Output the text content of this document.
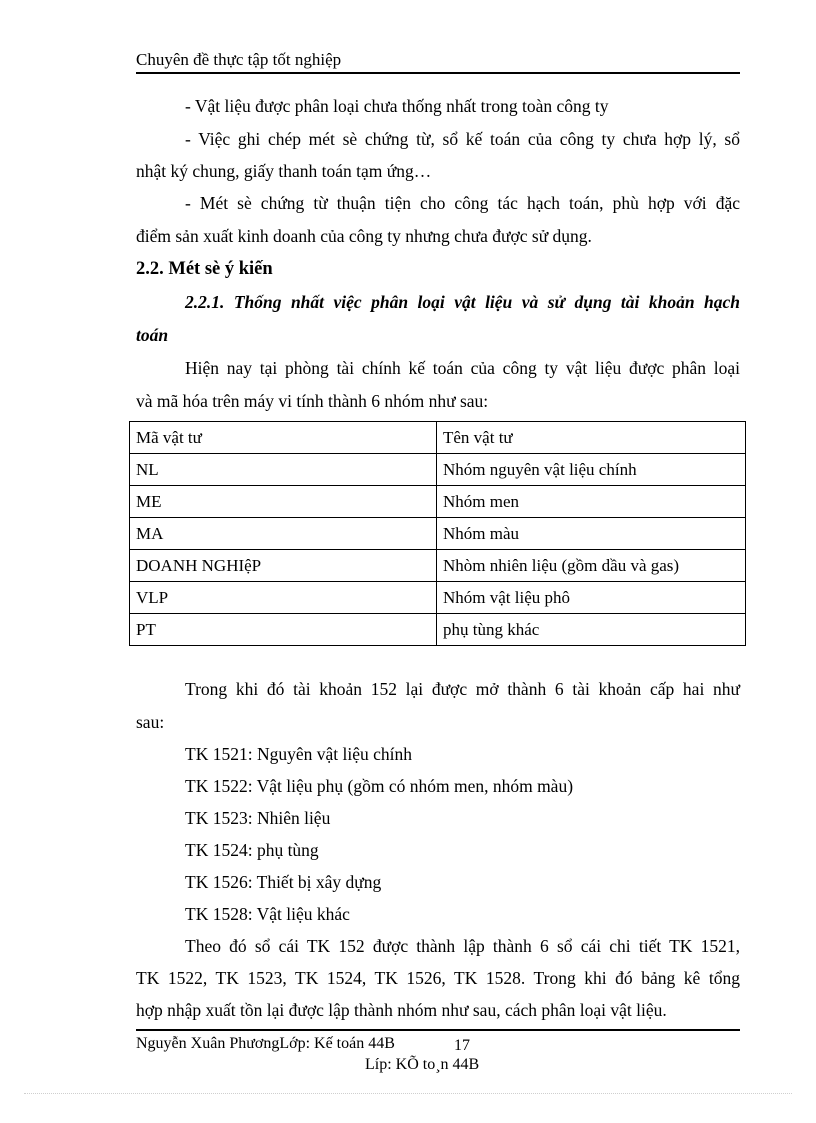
Chuyên đề thực tập tốt nghiệp
- Vật liệu được phân loại chưa thống nhất trong toàn công ty
- Việc ghi chép mét sè chứng từ, sổ kế toán của công ty chưa hợp lý, sổ
nhật ký chung, giấy thanh toán tạm ứng…
- Mét sè chứng từ thuận tiện cho công tác hạch toán, phù hợp với đặc
điểm sản xuất kinh doanh của công ty nhưng chưa được sử dụng.
2.2. Mét sè ý kiến
2.2.1. Thống nhất việc phân loại vật liệu và sử dụng tài khoản hạch
toán
Hiện nay tại phòng tài chính kế toán của công ty vật liệu được phân loại
và mã hóa trên máy vi tính thành 6 nhóm như sau:
Mã vật tư	Tên vật tư
NL	Nhóm nguyên vật liệu chính
ME	Nhóm men
MA	Nhóm màu
DOANH NGHIệP	Nhòm nhiên liệu (gồm dầu và gas)
VLP	Nhóm vật liệu phô
PT	phụ tùng khác
Trong khi đó tài khoản 152 lại được mở thành 6 tài khoản cấp hai như
sau:
TK 1521: Nguyên vật liệu chính
TK 1522: Vật liệu phụ (gồm có nhóm men, nhóm màu)
TK 1523: Nhiên liệu
TK 1524: phụ tùng
TK 1526: Thiết bị xây dựng
TK 1528: Vật liệu khác
Theo đó sổ cái TK 152 được thành lập thành 6 sổ cái chi tiết TK 1521,
TK 1522, TK 1523, TK 1524, TK 1526, TK 1528. Trong khi đó bảng kê tổng
hợp nhập xuất tồn lại được lập thành nhóm như sau, cách phân loại vật liệu.
Nguyễn Xuân PhươngLớp: Kế toán 44B	17
Líp: KÕ to¸n 44B
